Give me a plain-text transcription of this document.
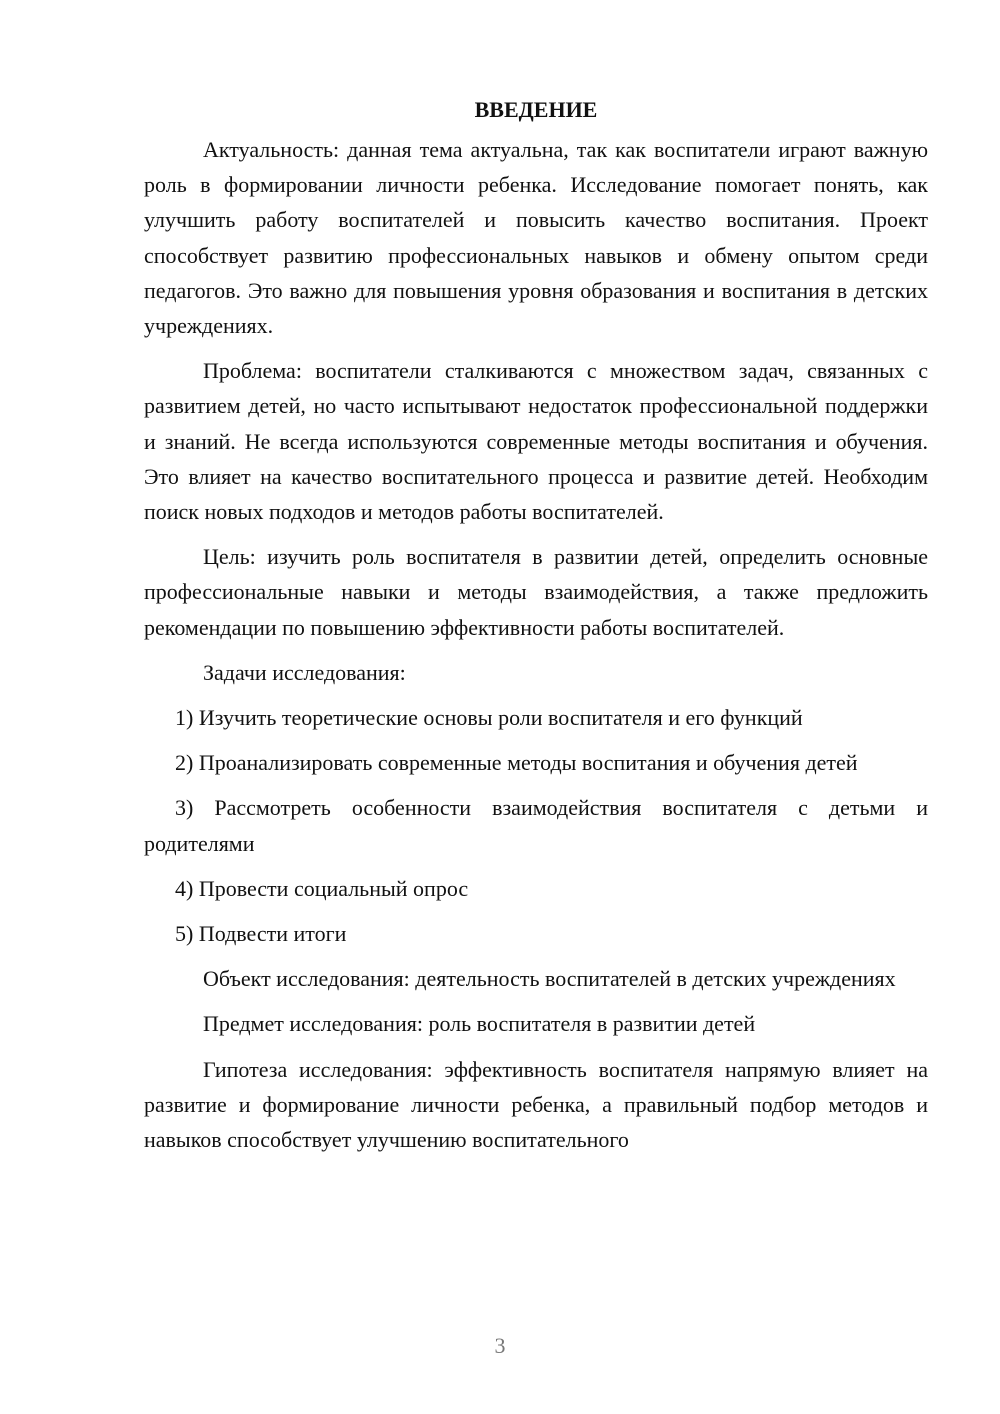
ВВЕДЕНИЕ

Актуальность: данная тема актуальна, так как воспитатели играют важную роль в формировании личности ребенка. Исследование помогает понять, как улучшить работу воспитателей и повысить качество воспитания. Проект способствует развитию профессиональных навыков и обмену опытом среди педагогов. Это важно для повышения уровня образования и воспитания в детских учреждениях.

Проблема: воспитатели сталкиваются с множеством задач, связанных с развитием детей, но часто испытывают недостаток профессиональной поддержки и знаний. Не всегда используются современные методы воспитания и обучения. Это влияет на качество воспитательного процесса и развитие детей. Необходим поиск новых подходов и методов работы воспитателей.

Цель: изучить роль воспитателя в развитии детей, определить основные профессиональные навыки и методы взаимодействия, а также предложить рекомендации по повышению эффективности работы воспитателей.

Задачи исследования:

1) Изучить теоретические основы роли воспитателя и его функций

2) Проанализировать современные методы воспитания и обучения детей

3) Рассмотреть особенности взаимодействия воспитателя с детьми и родителями

4) Провести социальный опрос

5) Подвести итоги

Объект исследования: деятельность воспитателей в детских учреждениях

Предмет исследования: роль воспитателя в развитии детей

Гипотеза исследования: эффективность воспитателя напрямую влияет на развитие и формирование личности ребенка, а правильный подбор методов и навыков способствует улучшению воспитательного

3
